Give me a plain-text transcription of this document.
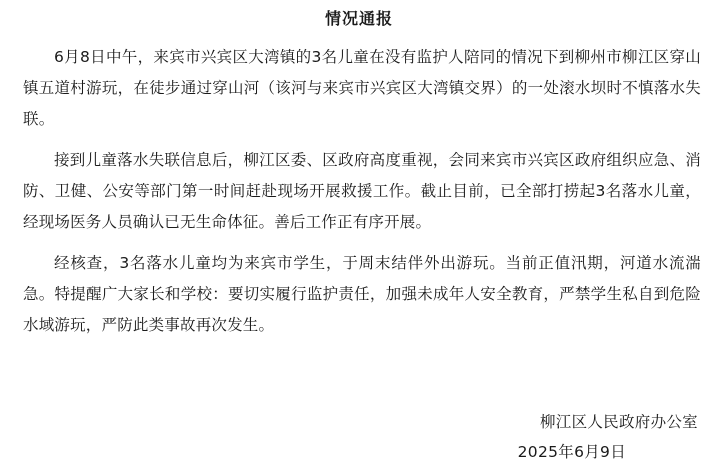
情况通报
6月8日中午，来宾市兴宾区大湾镇的3名儿童在没有监护人陪同的情况下到柳州市柳江区穿山镇五道村游玩，在徒步通过穿山河（该河与来宾市兴宾区大湾镇交界）的一处滚水坝时不慎落水失联。
接到儿童落水失联信息后，柳江区委、区政府高度重视，会同来宾市兴宾区政府组织应急、消防、卫健、公安等部门第一时间赶赴现场开展救援工作。截止目前，已全部打捞起3名落水儿童，经现场医务人员确认已无生命体征。善后工作正有序开展。
经核查，3名落水儿童均为来宾市学生，于周末结伴外出游玩。当前正值汛期，河道水流湍急。特提醒广大家长和学校：要切实履行监护责任，加强未成年人安全教育，严禁学生私自到危险水域游玩，严防此类事故再次发生。
柳江区人民政府办公室
2025年6月9日
